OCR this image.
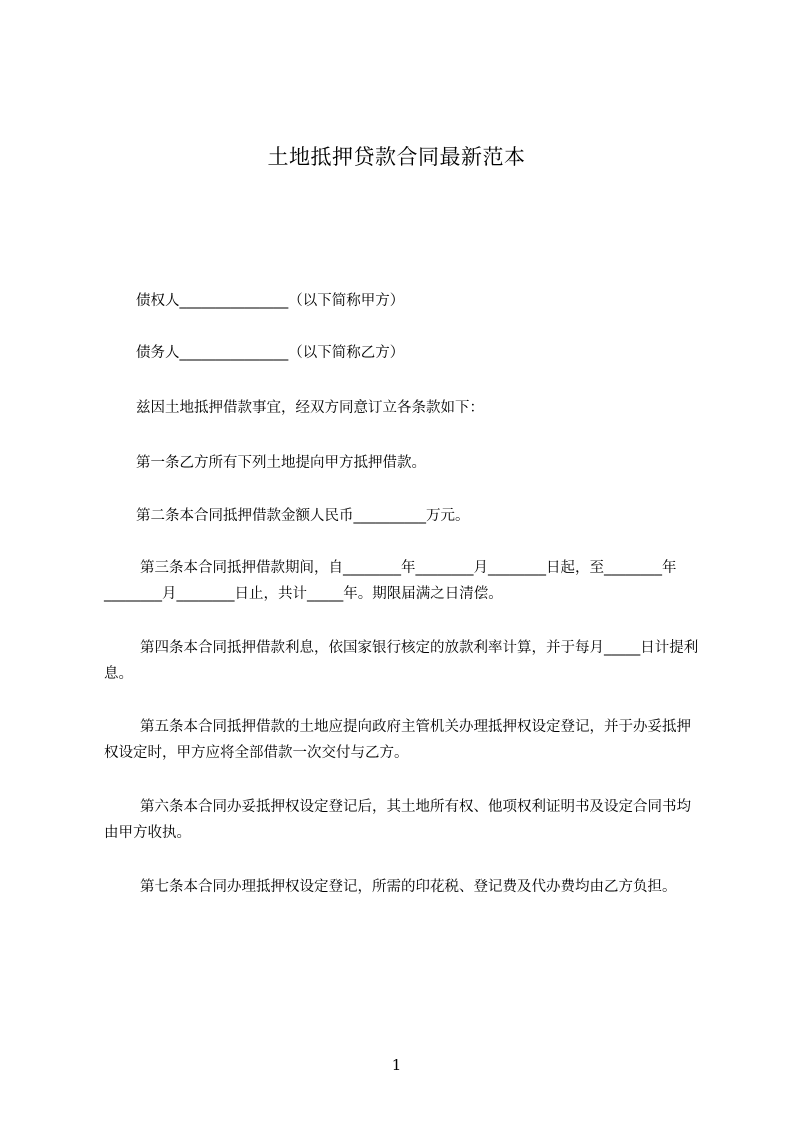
土地抵押贷款合同最新范本
债权人_______________（以下简称甲方）
债务人_______________（以下简称乙方）
兹因土地抵押借款事宜，经双方同意订立各条款如下：
第一条乙方所有下列土地提向甲方抵押借款。
第二条本合同抵押借款金额人民币__________万元。
第三条本合同抵押借款期间，自________年________月________日起，至________年________月________日止，共计_____年。期限届满之日清偿。
第四条本合同抵押借款利息，依国家银行核定的放款利率计算，并于每月_____日计提利息。
第五条本合同抵押借款的土地应提向政府主管机关办理抵押权设定登记，并于办妥抵押权设定时，甲方应将全部借款一次交付与乙方。
第六条本合同办妥抵押权设定登记后，其土地所有权、他项权利证明书及设定合同书均由甲方收执。
第七条本合同办理抵押权设定登记，所需的印花税、登记费及代办费均由乙方负担。
1
